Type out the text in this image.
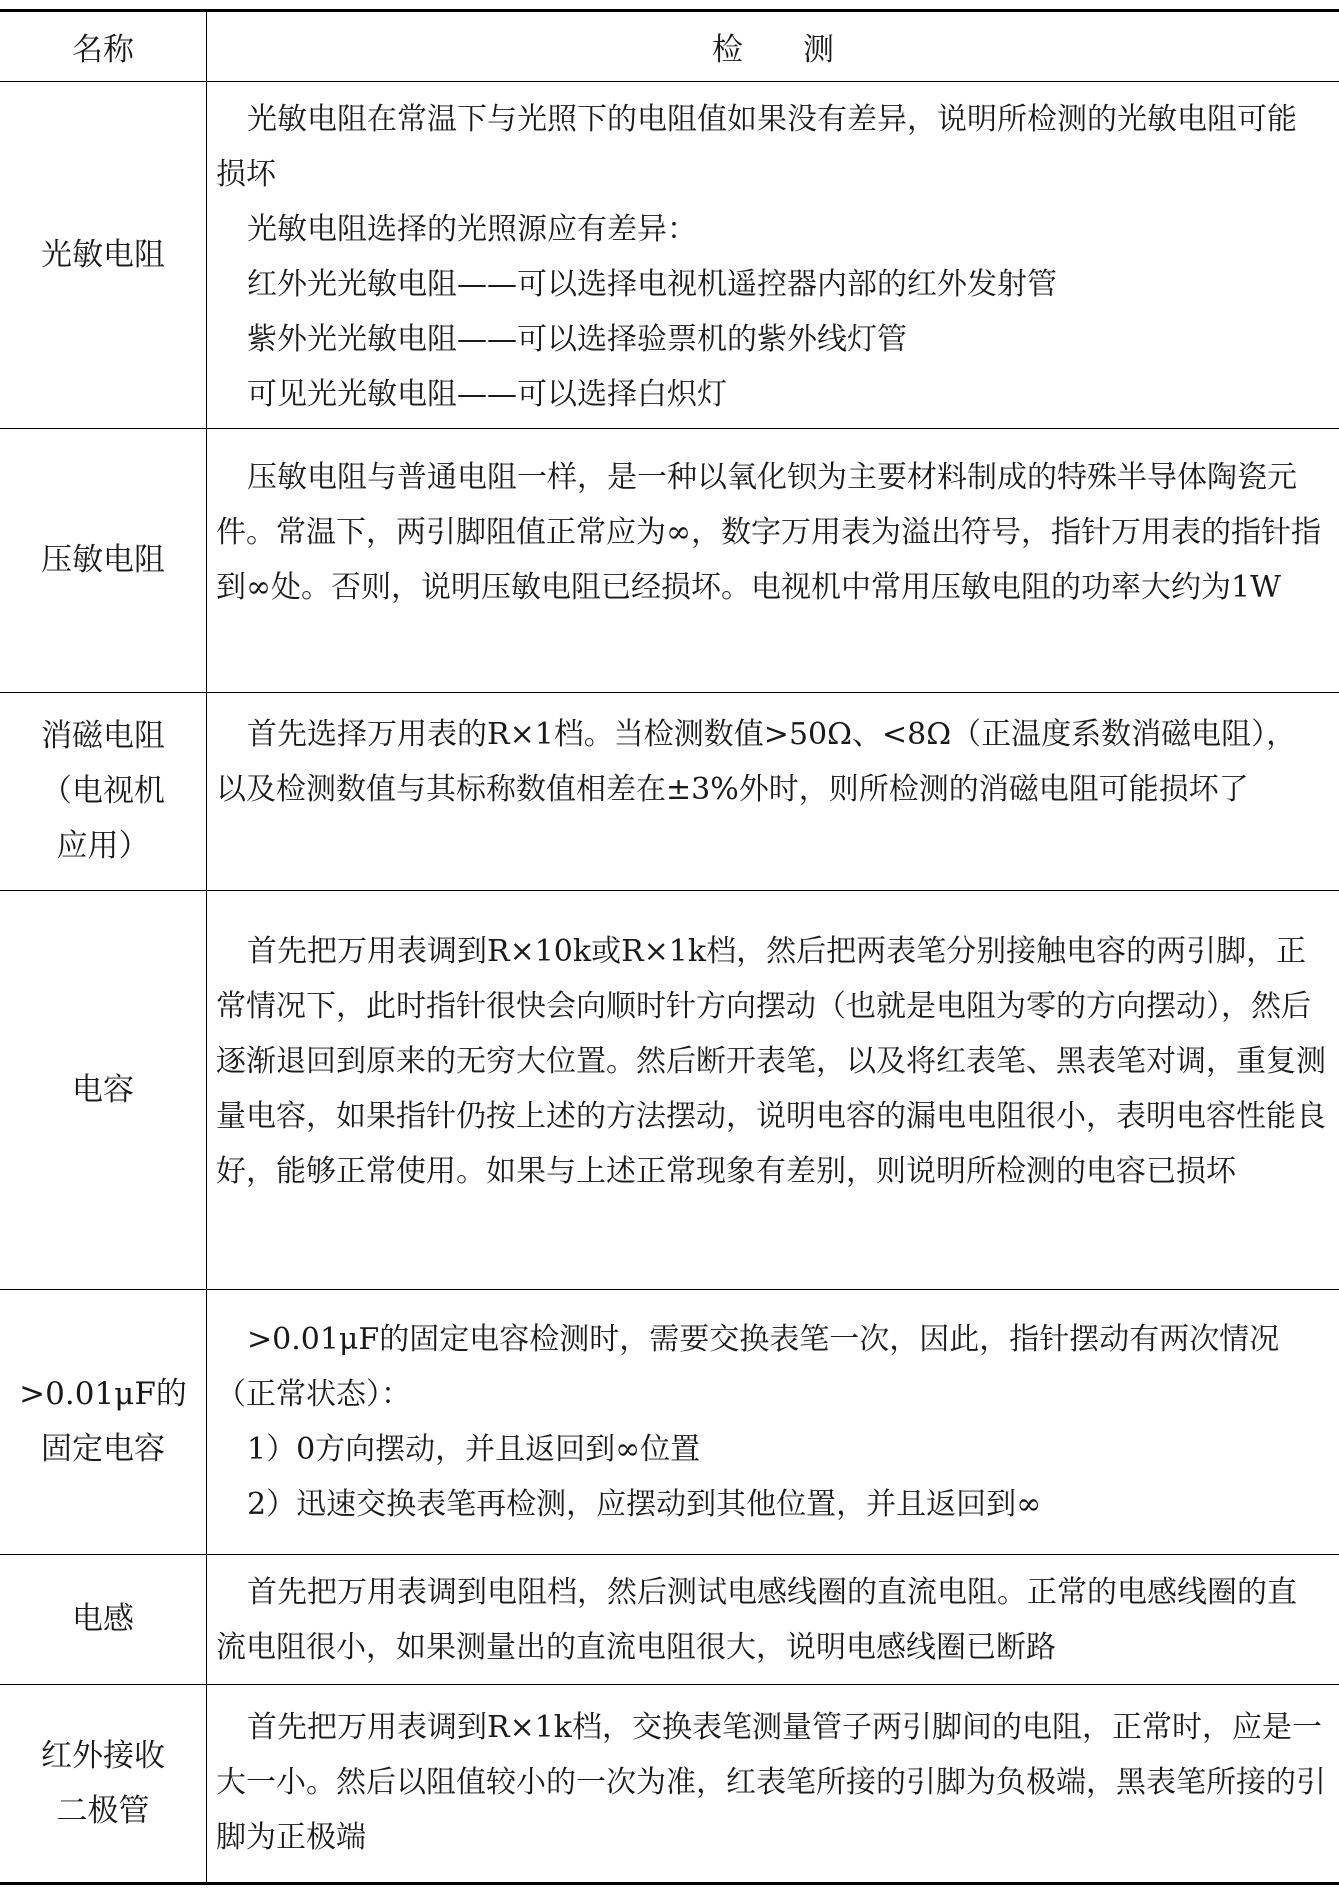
名称	检测
光敏电阻

光敏电阻在常温下与光照下的电阻值如果没有差异，说明所检测的光敏电阻可能损坏

光敏电阻选择的光照源应有差异：

红外光光敏电阻——可以选择电视机遥控器内部的红外发射管

紫外光光敏电阻——可以选择验票机的紫外线灯管

可见光光敏电阻——可以选择白炽灯

压敏电阻

压敏电阻与普通电阻一样，是一种以氧化钡为主要材料制成的特殊半导体陶瓷元件。常温下，两引脚阻值正常应为∞，数字万用表为溢出符号，指针万用表的指针指到∞处。否则，说明压敏电阻已经损坏。电视机中常用压敏电阻的功率大约为1W

消磁电阻
（电视机
应用）

首先选择万用表的R×1档。当检测数值>50Ω、<8Ω（正温度系数消磁电阻），以及检测数值与其标称数值相差在±3%外时，则所检测的消磁电阻可能损坏了

电容

首先把万用表调到R×10k或R×1k档，然后把两表笔分别接触电容的两引脚，正常情况下，此时指针很快会向顺时针方向摆动（也就是电阻为零的方向摆动），然后逐渐退回到原来的无穷大位置。然后断开表笔，以及将红表笔、黑表笔对调，重复测量电容，如果指针仍按上述的方法摆动，说明电容的漏电电阻很小，表明电容性能良好，能够正常使用。如果与上述正常现象有差别，则说明所检测的电容已损坏

>0.01μF的
固定电容

>0.01μF的固定电容检测时，需要交换表笔一次，因此，指针摆动有两次情况（正常状态）：

1）0方向摆动，并且返回到∞位置

2）迅速交换表笔再检测，应摆动到其他位置，并且返回到∞

电感

首先把万用表调到电阻档，然后测试电感线圈的直流电阻。正常的电感线圈的直流电阻很小，如果测量出的直流电阻很大，说明电感线圈已断路

红外接收
二极管

首先把万用表调到R×1k档，交换表笔测量管子两引脚间的电阻，正常时，应是一大一小。然后以阻值较小的一次为准，红表笔所接的引脚为负极端，黑表笔所接的引脚为正极端
